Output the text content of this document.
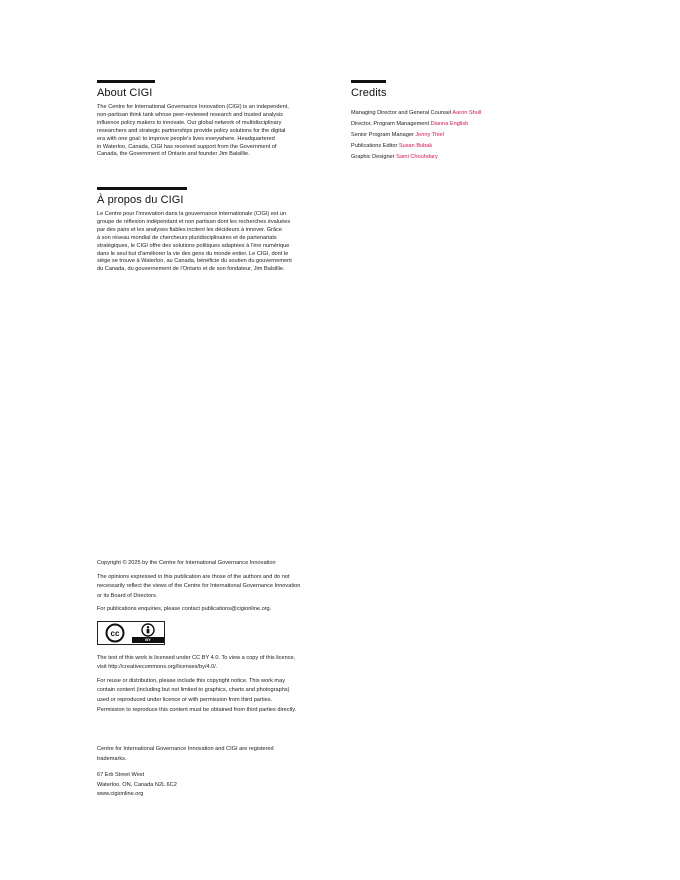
About CIGI

The Centre for International Governance Innovation (CIGI) is an independent,
non-partisan think tank whose peer-reviewed research and trusted analysis
influence policy makers to innovate. Our global network of multidisciplinary
researchers and strategic partnerships provide policy solutions for the digital
era with one goal: to improve people’s lives everywhere. Headquartered
in Waterloo, Canada, CIGI has received support from the Government of
Canada, the Government of Ontario and founder Jim Balsillie.

À propos du CIGI

Le Centre pour l’innovation dans la gouvernance internationale (CIGI) est un
groupe de réflexion indépendant et non partisan dont les recherches évaluées
par des pairs et les analyses fiables incitent les décideurs à innover. Grâce
à son réseau mondial de chercheurs pluridisciplinaires et de partenariats
stratégiques, le CIGI offre des solutions politiques adaptées à l’ère numérique
dans le seul but d’améliorer la vie des gens du monde entier. Le CIGI, dont le
siège se trouve à Waterloo, au Canada, bénéficie du soutien du gouvernement
du Canada, du gouvernement de l’Ontario et de son fondateur, Jim Balsillie.

Credits
Managing Director and General Counsel Aaron Shull
Director, Program Management Dianna English
Senior Program Manager Jenny Thiel
Publications Editor Susan Bubak
Graphic Designer Sami Chouhdary

Copyright © 2025 by the Centre for International Governance Innovation

The opinions expressed in this publication are those of the authors and do not
necessarily reflect the views of the Centre for International Governance Innovation
or its Board of Directors.

For publications enquiries, please contact publications@cigionline.org.

cc
BY

The text of this work is licensed under CC BY 4.0. To view a copy of this licence,
visit http://creativecommons.org/licenses/by/4.0/.

For reuse or distribution, please include this copyright notice. This work may
contain content (including but not limited to graphics, charts and photographs)
used or reproduced under licence or with permission from third parties.
Permission to reproduce this content must be obtained from third parties directly.

Centre for International Governance Innovation and CIGI are registered
trademarks.

67 Erb Street West
Waterloo, ON, Canada N2L 6C2
www.cigionline.org
